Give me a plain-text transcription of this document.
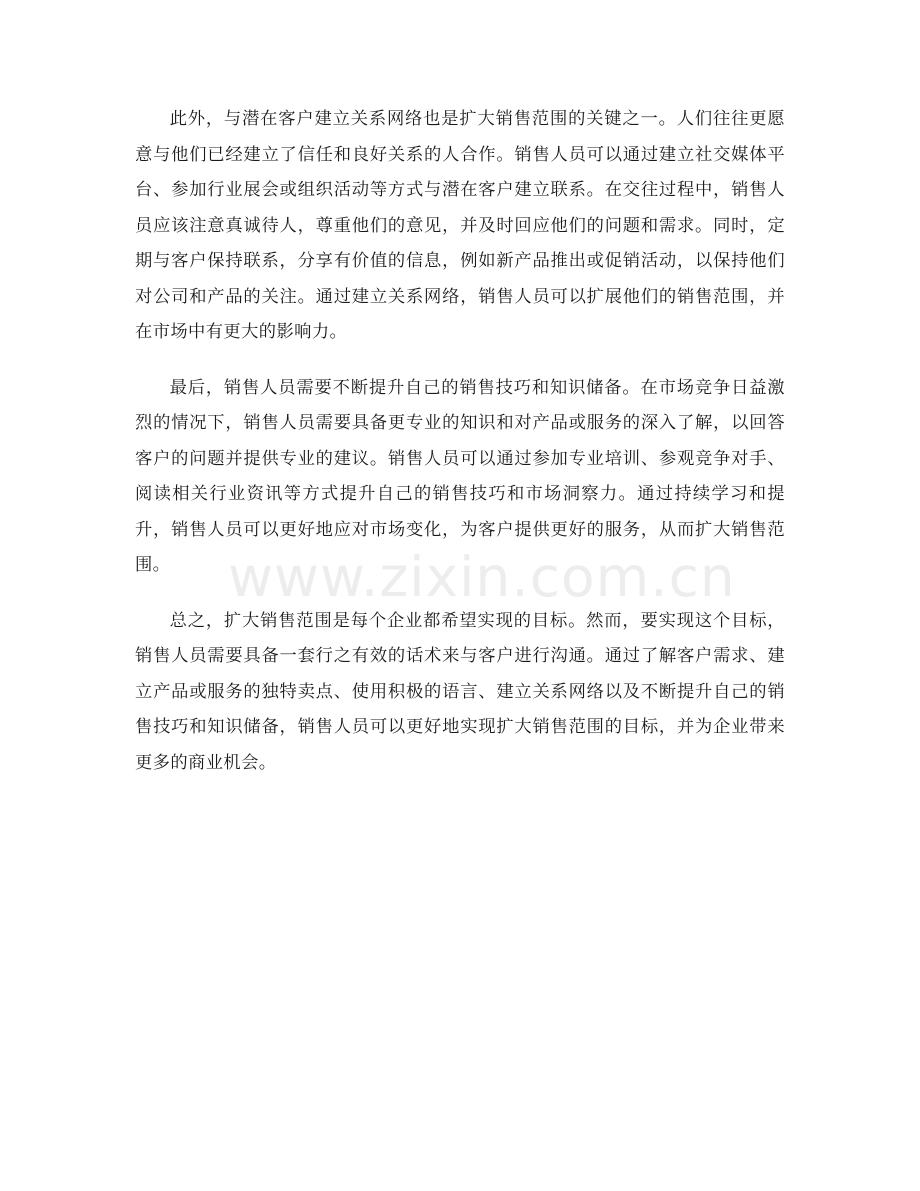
此外，与潜在客户建立关系网络也是扩大销售范围的关键之一。人们往往更愿意与他们已经建立了信任和良好关系的人合作。销售人员可以通过建立社交媒体平台、参加行业展会或组织活动等方式与潜在客户建立联系。在交往过程中，销售人员应该注意真诚待人，尊重他们的意见，并及时回应他们的问题和需求。同时，定期与客户保持联系，分享有价值的信息，例如新产品推出或促销活动，以保持他们对公司和产品的关注。通过建立关系网络，销售人员可以扩展他们的销售范围，并在市场中有更大的影响力。

最后，销售人员需要不断提升自己的销售技巧和知识储备。在市场竞争日益激烈的情况下，销售人员需要具备更专业的知识和对产品或服务的深入了解，以回答客户的问题并提供专业的建议。销售人员可以通过参加专业培训、参观竞争对手、阅读相关行业资讯等方式提升自己的销售技巧和市场洞察力。通过持续学习和提升，销售人员可以更好地应对市场变化，为客户提供更好的服务，从而扩大销售范围。

总之，扩大销售范围是每个企业都希望实现的目标。然而，要实现这个目标，销售人员需要具备一套行之有效的话术来与客户进行沟通。通过了解客户需求、建立产品或服务的独特卖点、使用积极的语言、建立关系网络以及不断提升自己的销售技巧和知识储备，销售人员可以更好地实现扩大销售范围的目标，并为企业带来更多的商业机会。

www.zixin.com.cn
